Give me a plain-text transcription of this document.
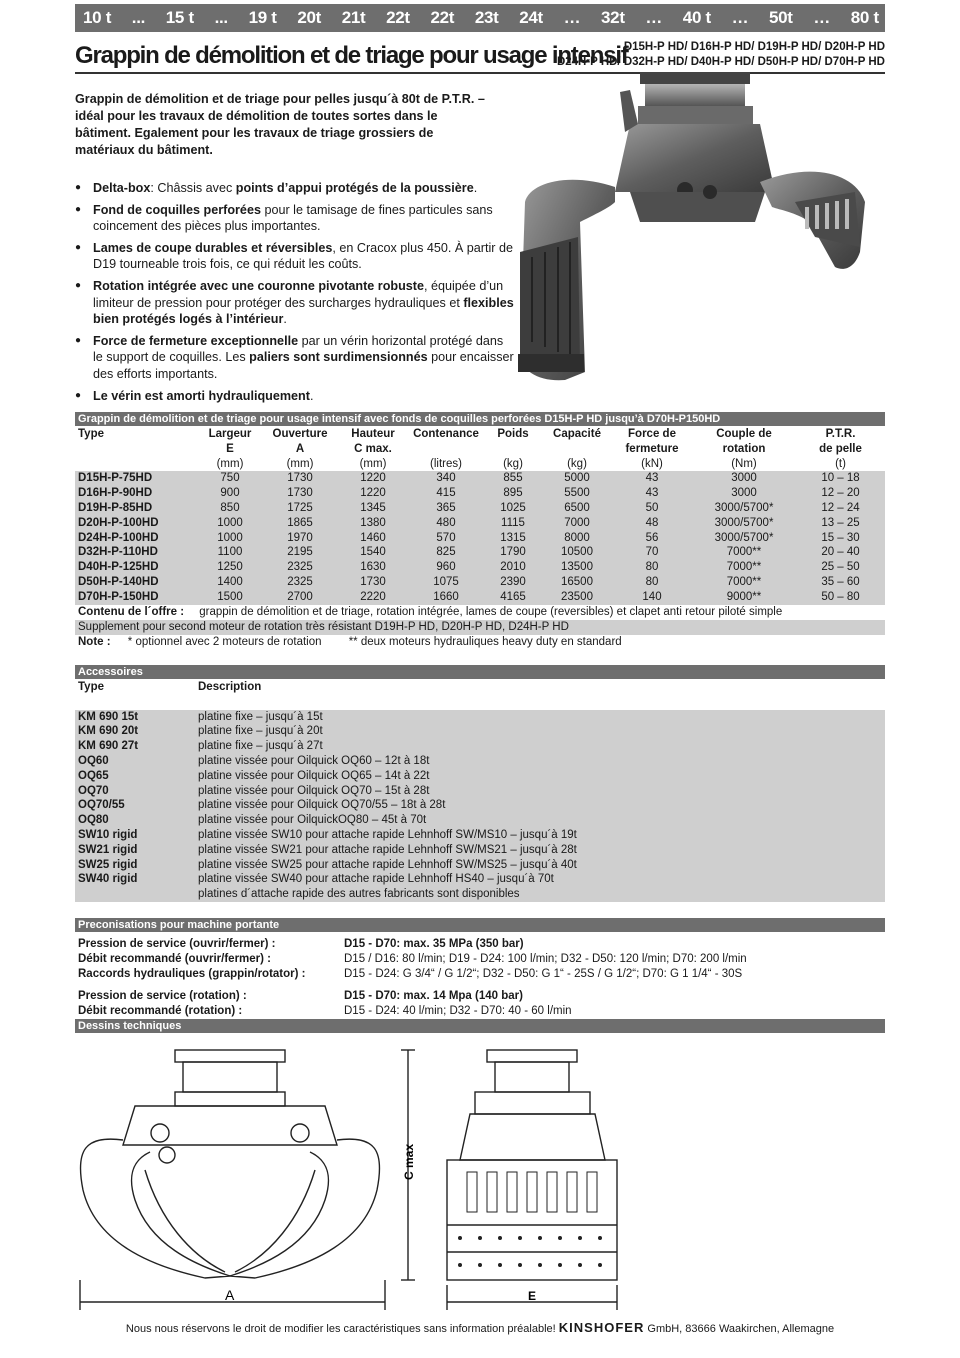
10 t ... 15 t ... 19 t 20t 21t 22t 22t 23t 24t … 32t … 40 t … 50t … 80 t
Grappin de démolition et de triage pour usage intensif
D15H-P HD/ D16H-P HD/ D19H-P HD/ D20H-P HD
D24H-P HD/ D32H-P HD/ D40H-P HD/ D50H-P HD/ D70H-P HD
Grappin de démolition et de triage pour pelles jusqu´à 80t de P.T.R. – idéal pour les travaux de démolition de toutes sortes dans le bâtiment. Egalement pour les travaux de triage grossiers de matériaux du bâtiment.
● Delta-box: Châssis avec points d’appui protégés de la poussière.
● Fond de coquilles perforées pour le tamisage de fines particules sans coincement des pièces plus importantes.
● Lames de coupe durables et réversibles, en Cracox plus 450. À partir de D19 tourneable trois fois, ce qui réduit les coûts.
● Rotation intégrée avec une couronne pivotante robuste, équipée d’un limiteur de pression pour protéger des surcharges hydrauliques et flexibles bien protégés logés à l’intérieur.
● Force de fermeture exceptionnelle par un vérin horizontal protégé dans le support de coquilles. Les paliers sont surdimensionnés pour encaisser des efforts importants.
● Le vérin est amorti hydrauliquement.
Grappin de démolition et de triage pour usage intensif avec fonds de coquilles perforées D15H-P HD jusqu’à D70H-P150HD
Type	Largeur	Ouverture	Hauteur	Contenance	Poids	Capacité	Force de	Couple de	P.T.R.
	E	A	C max.				fermeture	rotation	de pelle
	(mm)	(mm)	(mm)	(litres)	(kg)	(kg)	(kN)	(Nm)	(t)
D15H-P-75HD	750	1730	1220	340	855	5000	43	3000	10 – 18
D16H-P-90HD	900	1730	1220	415	895	5500	43	3000	12 – 20
D19H-P-85HD	850	1725	1345	365	1025	6500	50	3000/5700*	12 – 24
D20H-P-100HD	1000	1865	1380	480	1115	7000	48	3000/5700*	13 – 25
D24H-P-100HD	1000	1970	1460	570	1315	8000	56	3000/5700*	15 – 30
D32H-P-110HD	1100	2195	1540	825	1790	10500	70	7000**	20 – 40
D40H-P-125HD	1250	2325	1630	960	2010	13500	80	7000**	25 – 50
D50H-P-140HD	1400	2325	1730	1075	2390	16500	80	7000**	35 – 60
D70H-P-150HD	1500	2700	2220	1660	4165	23500	140	9000**	50 – 80
Contenu de l´offre : grappin de démolition et de triage, rotation intégrée, lames de coupe (reversibles) et clapet anti retour piloté simple
Supplement pour second moteur de rotation très résistant D19H-P HD, D20H-P HD, D24H-P HD
Note : * optionnel avec 2 moteurs de rotation ** deux moteurs hydrauliques heavy duty en standard
Accessoires
Type	Description

KM 690 15t	platine fixe – jusqu´à 15t
KM 690 20t	platine fixe – jusqu´à 20t
KM 690 27t	platine fixe – jusqu´à 27t
OQ60	platine vissée pour Oilquick OQ60 – 12t à 18t
OQ65	platine vissée pour Oilquick OQ65 – 14t à 22t
OQ70	platine vissée pour Oilquick OQ70 – 15t à 28t
OQ70/55	platine vissée pour Oilquick OQ70/55 – 18t à 28t
OQ80	platine vissée pour OilquickOQ80 – 45t à 70t
SW10 rigid	platine vissée SW10 pour attache rapide Lehnhoff SW/MS10 – jusqu´à 19t
SW21 rigid	platine vissée SW21 pour attache rapide Lehnhoff SW/MS21 – jusqu´à 28t
SW25 rigid	platine vissée SW25 pour attache rapide Lehnhoff SW/MS25 – jusqu´à 40t
SW40 rigid	platine vissée SW40 pour attache rapide Lehnhoff HS40 – jusqu´à 70t
	platines d´attache rapide des autres fabricants sont disponibles
Preconisations pour machine portante
Pression de service (ouvrir/fermer) :	D15 - D70: max. 35 MPa (350 bar)
Débit recommandé (ouvrir/fermer) :	D15 / D16: 80 l/min; D19 - D24: 100 l/min; D32 - D50: 120 l/min; D70: 200 l/min
Raccords hydrauliques (grappin/rotator) :	D15 - D24: G 3/4“ / G 1/2“; D32 - D50: G 1“ - 25S / G 1/2“; D70: G 1 1/4“ - 30S
Pression de service (rotation) :	D15 - D70: max. 14 Mpa (140 bar)
Débit recommandé (rotation) :	D15 - D24: 40 l/min; D32 - D70: 40 - 60 l/min
Dessins techniques
A	E
C max
Nous nous réservons le droit de modifier les caractéristiques sans information préalable! KINSHOFER GmbH, 83666 Waakirchen, Allemagne
